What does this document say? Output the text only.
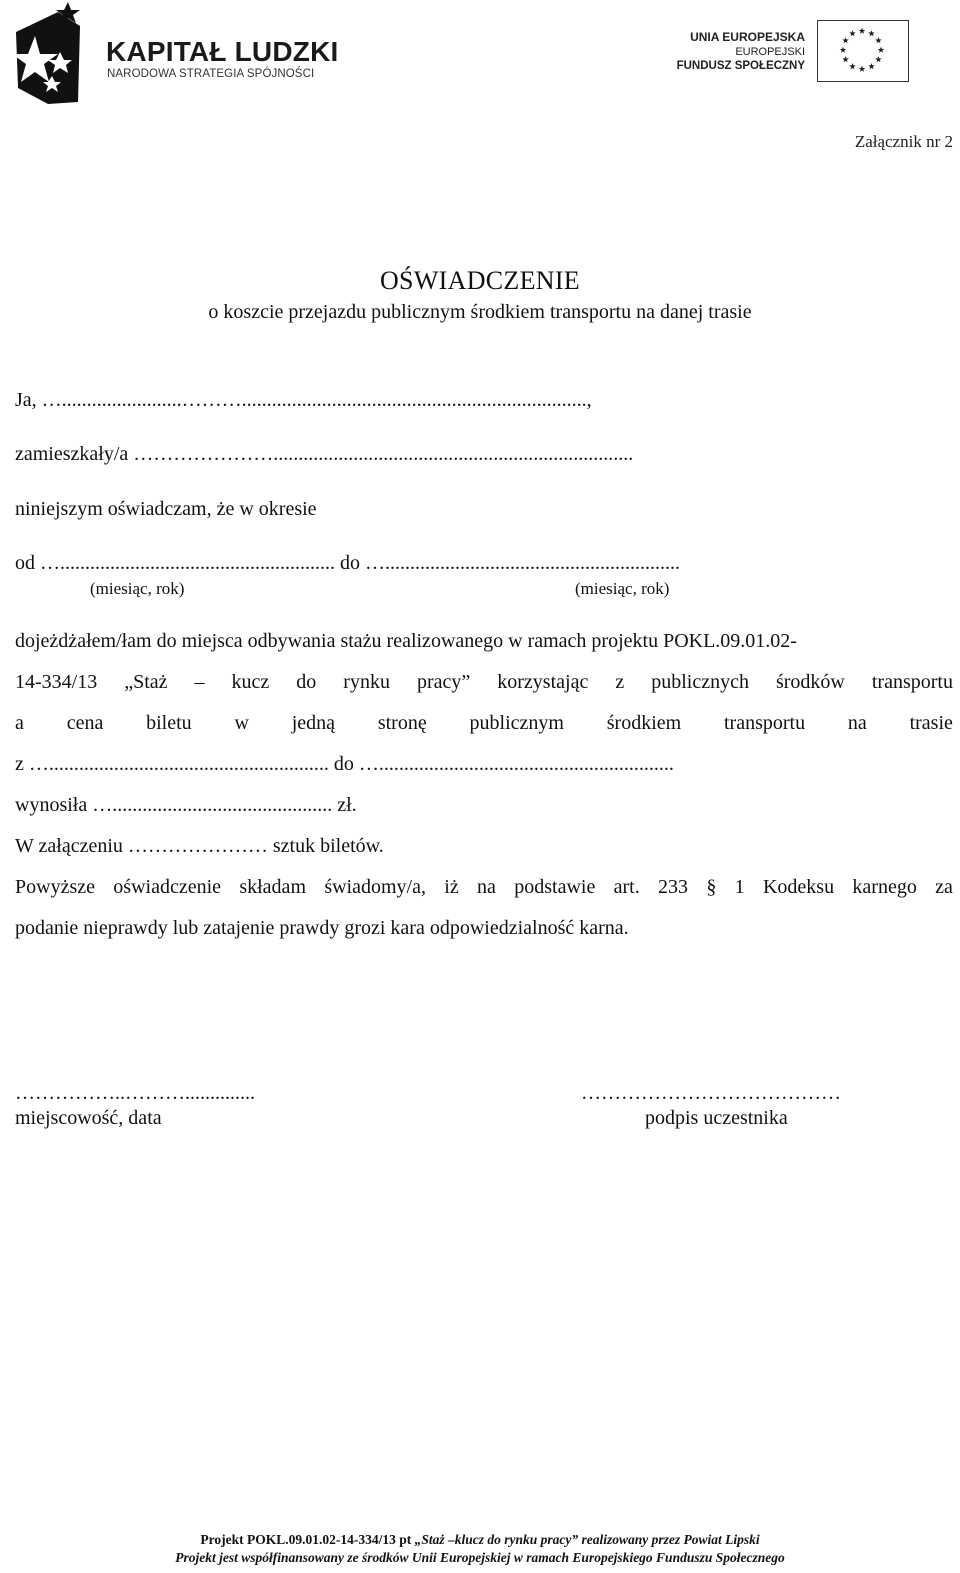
KAPITAŁ LUDZKI
NARODOWA STRATEGIA SPÓJNOŚCI
UNIA EUROPEJSKA
EUROPEJSKI
FUNDUSZ SPOŁECZNY
Załącznik nr 2
OŚWIADCZENIE
o koszcie przejazdu publicznym środkiem transportu na danej trasie
Ja, …........................……….....................................................................,
zamieszkały/a …………………........................................................................
niniejszym oświadczam, że w okresie
od …....................................................... do …...........................................................
(miesiąc, rok)	(miesiąc, rok)
dojeżdżałem/łam do miejsca odbywania stażu realizowanego w ramach projektu POKL.09.01.02-
14-334/13 „Staż – kucz do rynku pracy” korzystając z publicznych środków transportu
a cena biletu w jedną stronę publicznym środkiem transportu na trasie
z …........................................................ do …...........................................................
wynosiła …............................................ zł.
W załączeniu ………………… sztuk biletów.
Powyższe oświadczenie składam świadomy/a, iż na podstawie art. 233 § 1 Kodeksu karnego za
podanie nieprawdy lub zatajenie prawdy grozi kara odpowiedzialność karna.
……………..………..............
miejscowość, data
…………………………………
podpis uczestnika
Projekt POKL.09.01.02-14-334/13 pt „Staż –klucz do rynku pracy” realizowany przez Powiat Lipski
Projekt jest współfinansowany ze środków Unii Europejskiej w ramach Europejskiego Funduszu Społecznego
